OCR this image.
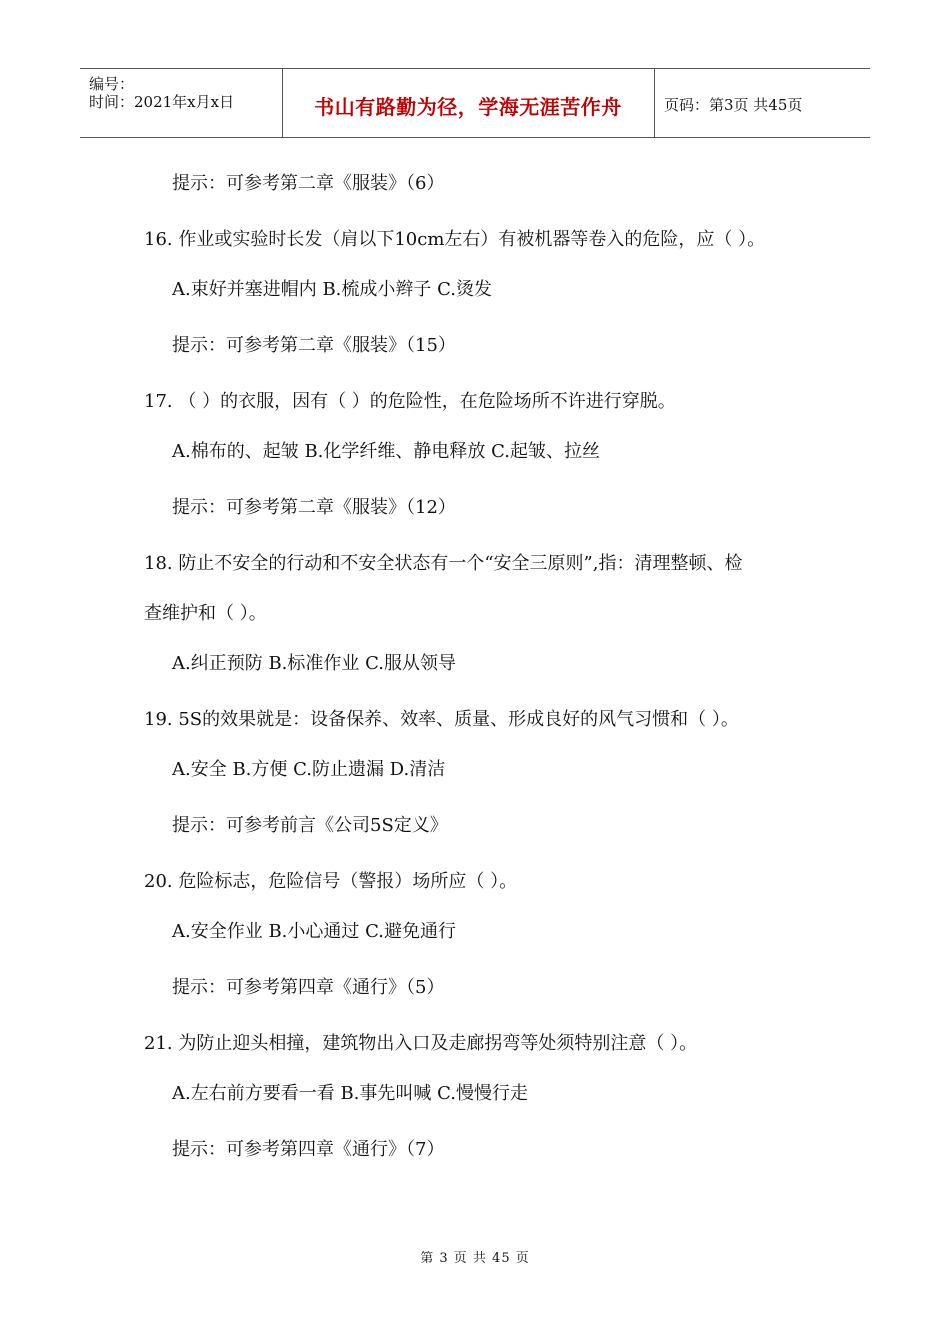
编号：
时间：2021年x月x日	书山有路勤为径，学海无涯苦作舟	页码：第3页 共45页
提示：可参考第二章《服装》（6）
16. 作业或实验时长发（肩以下10cm左右）有被机器等卷入的危险，应（ ）。
A.束好并塞进帽内 B.梳成小辫子 C.烫发
提示：可参考第二章《服装》（15）
17. （ ）的衣服，因有（ ）的危险性，在危险场所不许进行穿脱。
A.棉布的、起皱 B.化学纤维、静电释放 C.起皱、拉丝
提示：可参考第二章《服装》（12）
18. 防止不安全的行动和不安全状态有一个“安全三原则”,指：清理整顿、检
查维护和（ ）。
A.纠正预防 B.标准作业 C.服从领导
19. 5S的效果就是：设备保养、效率、质量、形成良好的风气习惯和（ ）。
A.安全 B.方便 C.防止遗漏 D.清洁
提示：可参考前言《公司5S定义》
20. 危险标志，危险信号（警报）场所应（ ）。
A.安全作业 B.小心通过 C.避免通行
提示：可参考第四章《通行》（5）
21. 为防止迎头相撞，建筑物出入口及走廊拐弯等处须特别注意（ ）。
A.左右前方要看一看 B.事先叫喊 C.慢慢行走
提示：可参考第四章《通行》（7）
第 3 页 共 45 页
